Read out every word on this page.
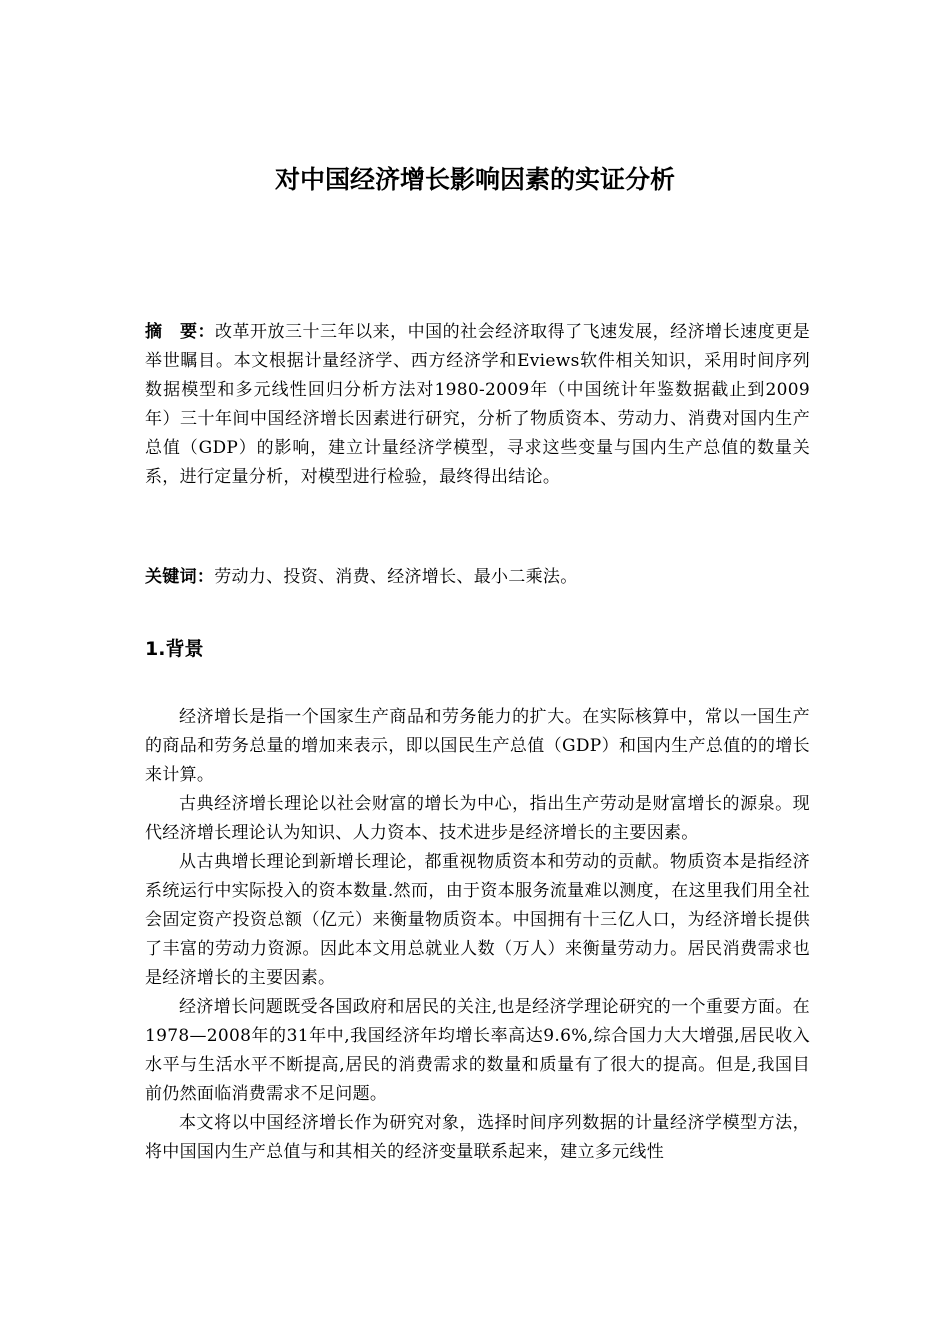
对中国经济增长影响因素的实证分析
摘　要：改革开放三十三年以来，中国的社会经济取得了飞速发展，经济增长速度更是举世瞩目。本文根据计量经济学、西方经济学和Eviews软件相关知识，采用时间序列数据模型和多元线性回归分析方法对1980-2009年（中国统计年鉴数据截止到2009年）三十年间中国经济增长因素进行研究，分析了物质资本、劳动力、消费对国内生产总值（GDP）的影响，建立计量经济学模型，寻求这些变量与国内生产总值的数量关系，进行定量分析，对模型进行检验，最终得出结论。
关键词：劳动力、投资、消费、经济增长、最小二乘法。
1.背景

经济增长是指一个国家生产商品和劳务能力的扩大。在实际核算中，常以一国生产的商品和劳务总量的增加来表示，即以国民生产总值（GDP）和国内生产总值的的增长来计算。

古典经济增长理论以社会财富的增长为中心，指出生产劳动是财富增长的源泉。现代经济增长理论认为知识、人力资本、技术进步是经济增长的主要因素。

从古典增长理论到新增长理论，都重视物质资本和劳动的贡献。物质资本是指经济系统运行中实际投入的资本数量.然而，由于资本服务流量难以测度，在这里我们用全社会固定资产投资总额（亿元）来衡量物质资本。中国拥有十三亿人口，为经济增长提供了丰富的劳动力资源。因此本文用总就业人数（万人）来衡量劳动力。居民消费需求也是经济增长的主要因素。

经济增长问题既受各国政府和居民的关注,也是经济学理论研究的一个重要方面。在1978—2008年的31年中,我国经济年均增长率高达9.6%,综合国力大大增强,居民收入水平与生活水平不断提高,居民的消费需求的数量和质量有了很大的提高。但是,我国目前仍然面临消费需求不足问题。

本文将以中国经济增长作为研究对象，选择时间序列数据的计量经济学模型方法，将中国国内生产总值与和其相关的经济变量联系起来，建立多元线性
